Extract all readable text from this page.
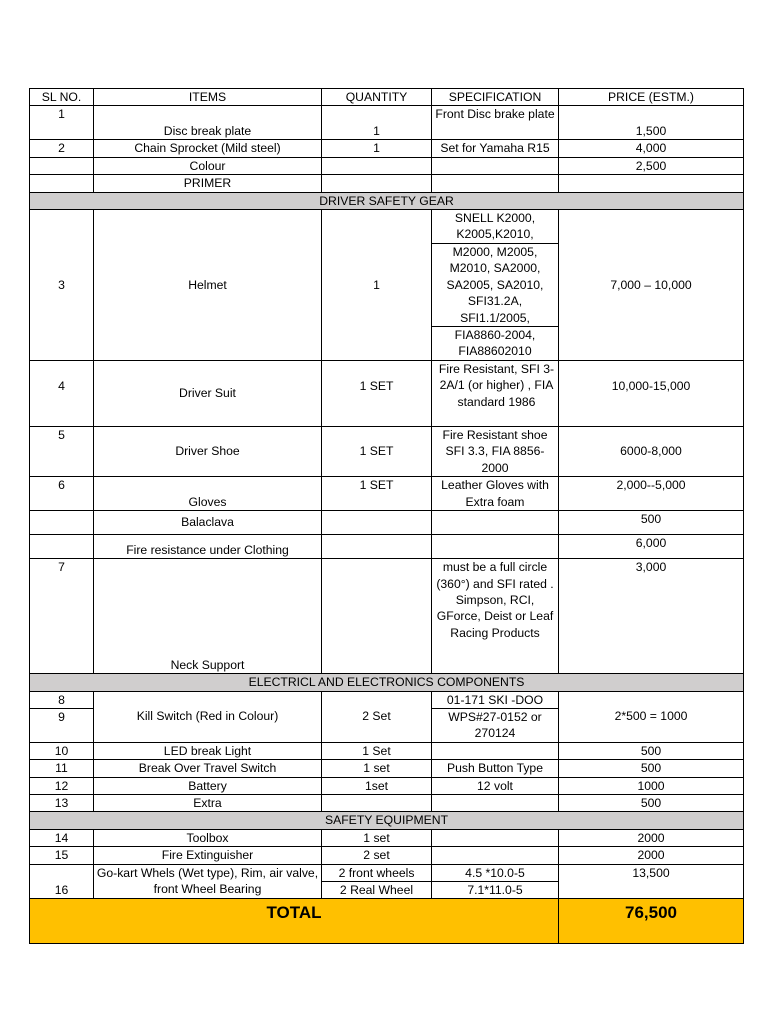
SL NO.	ITEMS	QUANTITY	SPECIFICATION	PRICE (ESTM.)
1	Disc break plate	1	Front Disc brake plate	1,500
2	Chain Sprocket (Mild steel)	1	Set for Yamaha R15	4,000
	Colour			2,500
	PRIMER			
DRIVER SAFETY GEAR				
3	Helmet	1	SNELL K2000, K2005,K2010,	7,000 – 10,000
			M2000, M2005, M2010, SA2000, SA2005, SA2010, SFI31.2A, SFI1.1/2005,	
			FIA8860-2004, FIA88602010	
4	Driver Suit	1 SET	Fire Resistant, SFI 3-2A/1 (or higher) , FIA standard 1986	10,000-15,000
5	Driver Shoe	1 SET	Fire Resistant shoe SFI 3.3, FIA 8856-2000	6000-8,000
6	Gloves	1 SET	Leather Gloves with Extra foam	2,000--5,000
	Balaclava			500
	Fire resistance under Clothing			6,000
7	Neck Support		must be a full circle (360°) and SFI rated . Simpson, RCI, GForce, Deist or Leaf Racing Products	3,000
ELECTRICL AND ELECTRONICS COMPONENTS				
8	Kill Switch (Red in Colour)	2 Set	01-171 SKI -DOO	2*500 = 1000
9			WPS#27-0152 or 270124	
10	LED break Light	1 Set		500
11	Break Over Travel Switch	1 set	Push Button Type	500
12	Battery	1set	12 volt	1000
13	Extra			500
SAFETY EQUIPMENT				
14	Toolbox	1 set		2000
15	Fire Extinguisher	2 set		2000
16	Go-kart Whels (Wet type), Rim, air valve, front Wheel Bearing	2 front wheels	4.5 *10.0-5	13,500
		2 Real Wheel	7.1*11.0-5	
TOTAL				76,500
